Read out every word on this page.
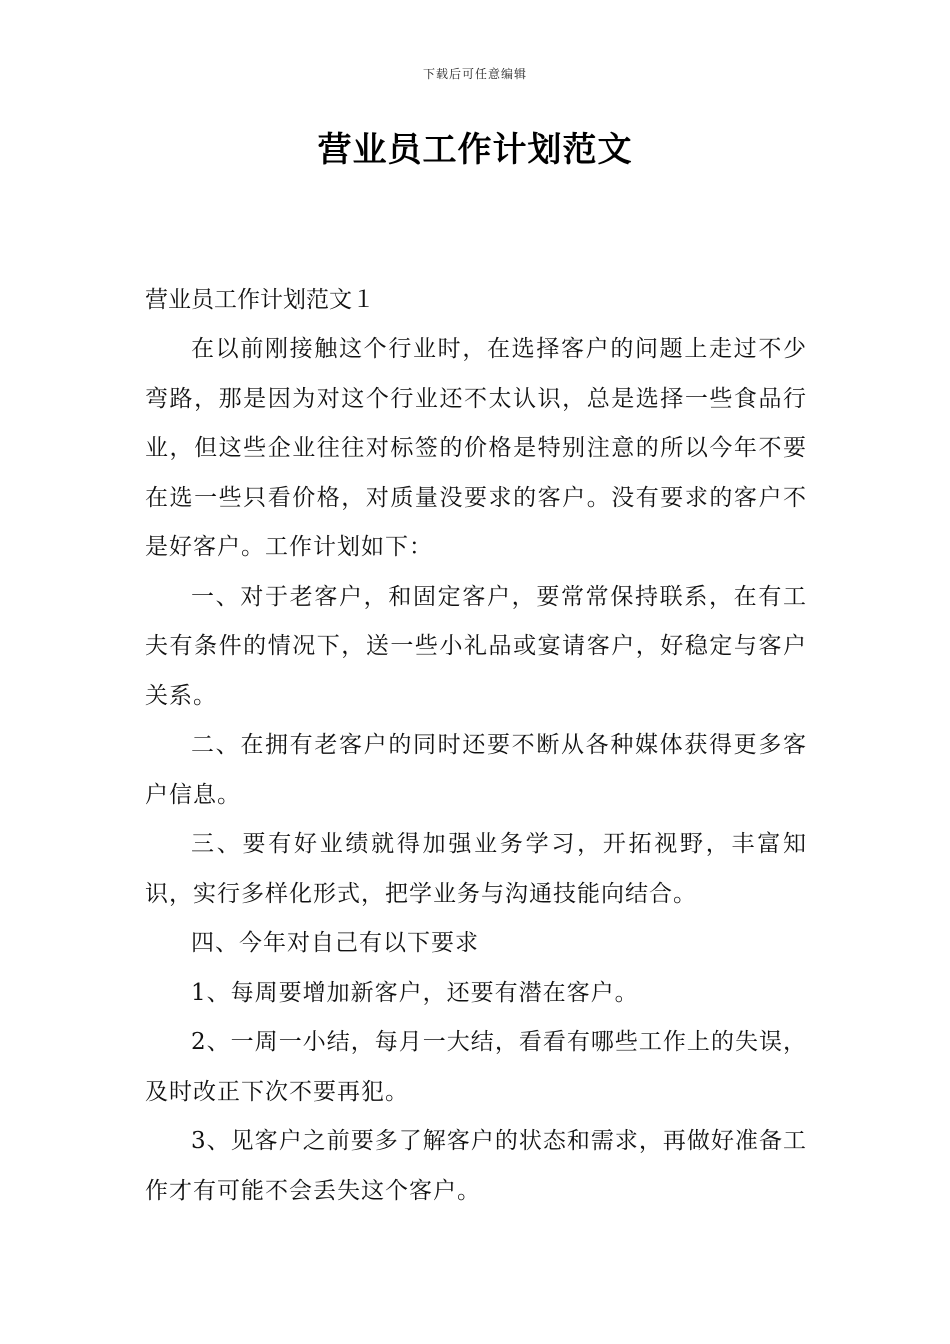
下载后可任意编辑
营业员工作计划范文

营业员工作计划范文１

在以前刚接触这个行业时，在选择客户的问题上走过不少弯路，那是因为对这个行业还不太认识，总是选择一些食品行业，但这些企业往往对标签的价格是特别注意的所以今年不要在选一些只看价格，对质量没要求的客户。没有要求的客户不是好客户。工作计划如下：

一、对于老客户，和固定客户，要常常保持联系，在有工夫有条件的情况下，送一些小礼品或宴请客户，好稳定与客户关系。

二、在拥有老客户的同时还要不断从各种媒体获得更多客户信息。

三、要有好业绩就得加强业务学习，开拓视野，丰富知识，实行多样化形式，把学业务与沟通技能向结合。

四、今年对自己有以下要求

1、每周要增加新客户，还要有潜在客户。

2、一周一小结，每月一大结，看看有哪些工作上的失误，及时改正下次不要再犯。

3、见客户之前要多了解客户的状态和需求，再做好准备工作才有可能不会丢失这个客户。
